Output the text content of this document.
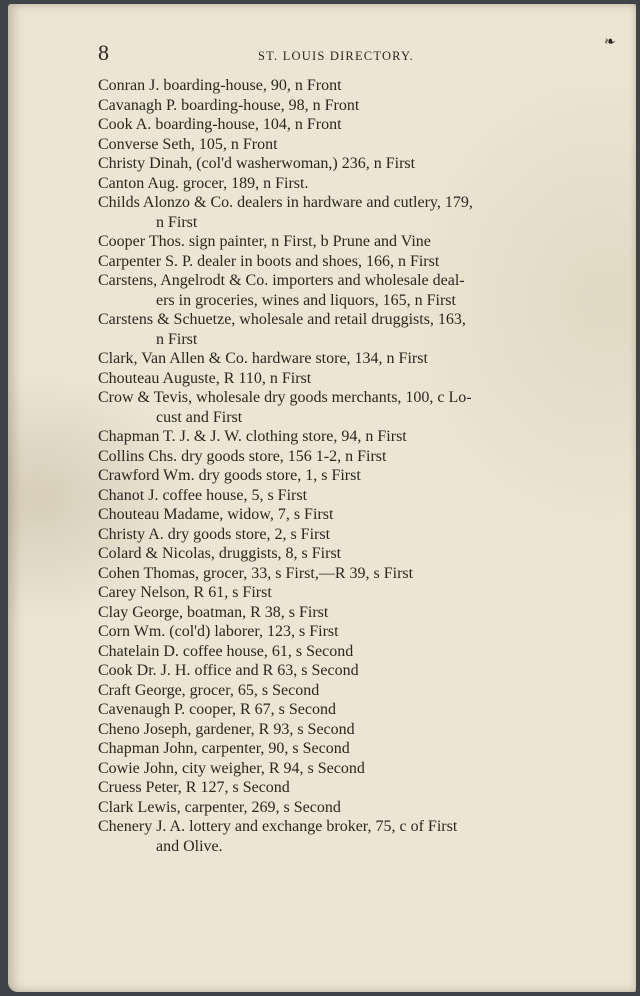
8	ST. LOUIS DIRECTORY.
❧
Conran J. boarding-house, 90, n Front
Cavanagh P. boarding-house, 98, n Front
Cook A. boarding-house, 104, n Front
Converse Seth, 105, n Front
Christy Dinah, (col'd washerwoman,) 236, n First
Canton Aug. grocer, 189, n First.
Childs Alonzo & Co. dealers in hardware and cutlery, 179,
n First
Cooper Thos. sign painter, n First, b Prune and Vine
Carpenter S. P. dealer in boots and shoes, 166, n First
Carstens, Angelrodt & Co. importers and wholesale deal-
ers in groceries, wines and liquors, 165, n First
Carstens & Schuetze, wholesale and retail druggists, 163,
n First
Clark, Van Allen & Co. hardware store, 134, n First
Chouteau Auguste, R 110, n First
Crow & Tevis, wholesale dry goods merchants, 100, c Lo-
cust and First
Chapman T. J. & J. W. clothing store, 94, n First
Collins Chs. dry goods store, 156 1-2, n First
Crawford Wm. dry goods store, 1, s First
Chanot J. coffee house, 5, s First
Chouteau Madame, widow, 7, s First
Christy A. dry goods store, 2, s First
Colard & Nicolas, druggists, 8, s First
Cohen Thomas, grocer, 33, s First,—R 39, s First
Carey Nelson, R 61, s First
Clay George, boatman, R 38, s First
Corn Wm. (col'd) laborer, 123, s First
Chatelain D. coffee house, 61, s Second
Cook Dr. J. H. office and R 63, s Second
Craft George, grocer, 65, s Second
Cavenaugh P. cooper, R 67, s Second
Cheno Joseph, gardener, R 93, s Second
Chapman John, carpenter, 90, s Second
Cowie John, city weigher, R 94, s Second
Cruess Peter, R 127, s Second
Clark Lewis, carpenter, 269, s Second
Chenery J. A. lottery and exchange broker, 75, c of First
and Olive.
